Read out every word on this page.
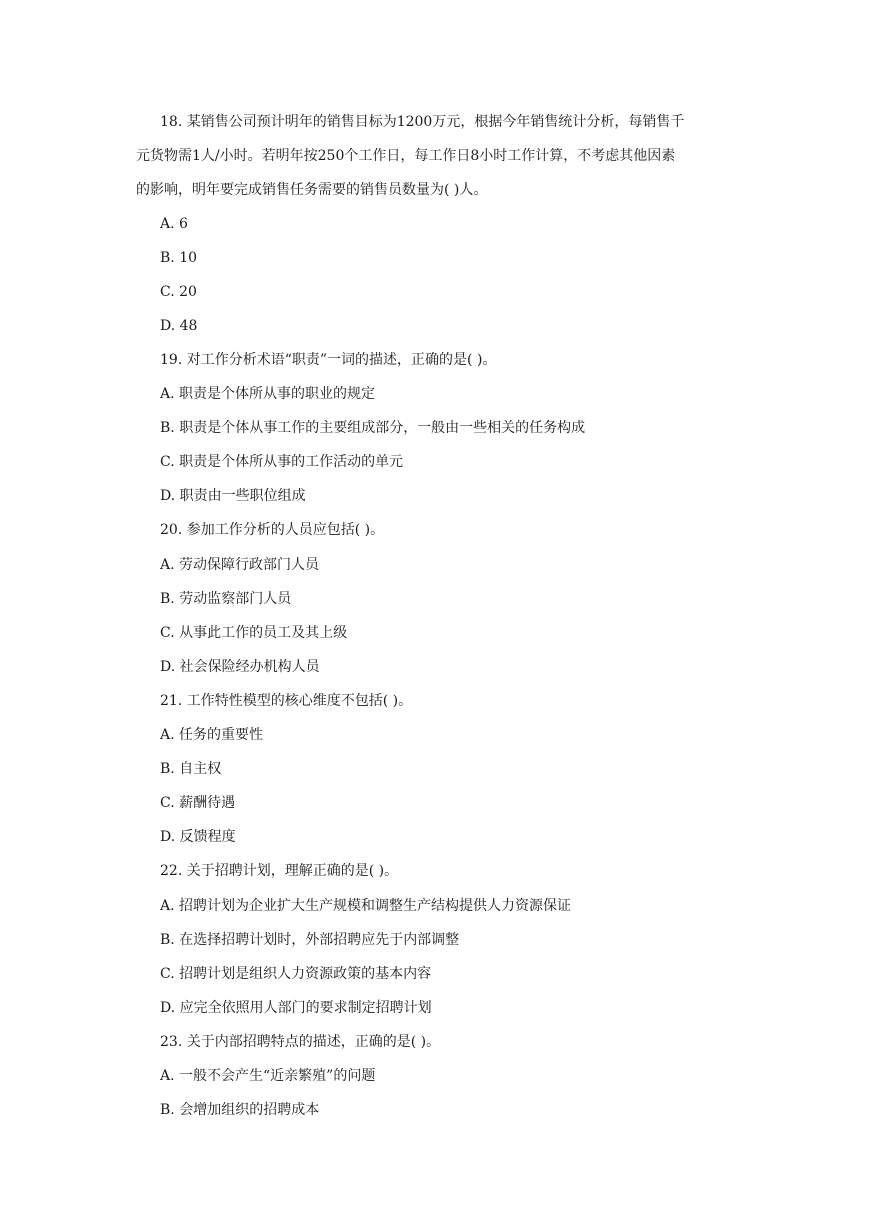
18. 某销售公司预计明年的销售目标为1200万元，根据今年销售统计分析，每销售千

元货物需1人/小时。若明年按250个工作日，每工作日8小时工作计算，不考虑其他因素

的影响，明年要完成销售任务需要的销售员数量为( )人。

A. 6

B. 10

C. 20

D. 48

19. 对工作分析术语“职责”一词的描述，正确的是( )。

A. 职责是个体所从事的职业的规定

B. 职责是个体从事工作的主要组成部分，一般由一些相关的任务构成

C. 职责是个体所从事的工作活动的单元

D. 职责由一些职位组成

20. 参加工作分析的人员应包括( )。

A. 劳动保障行政部门人员

B. 劳动监察部门人员

C. 从事此工作的员工及其上级

D. 社会保险经办机构人员

21. 工作特性模型的核心维度不包括( )。

A. 任务的重要性

B. 自主权

C. 薪酬待遇

D. 反馈程度

22. 关于招聘计划，理解正确的是( )。

A. 招聘计划为企业扩大生产规模和调整生产结构提供人力资源保证

B. 在选择招聘计划时，外部招聘应先于内部调整

C. 招聘计划是组织人力资源政策的基本内容

D. 应完全依照用人部门的要求制定招聘计划

23. 关于内部招聘特点的描述，正确的是( )。

A. 一般不会产生“近亲繁殖”的问题

B. 会增加组织的招聘成本
